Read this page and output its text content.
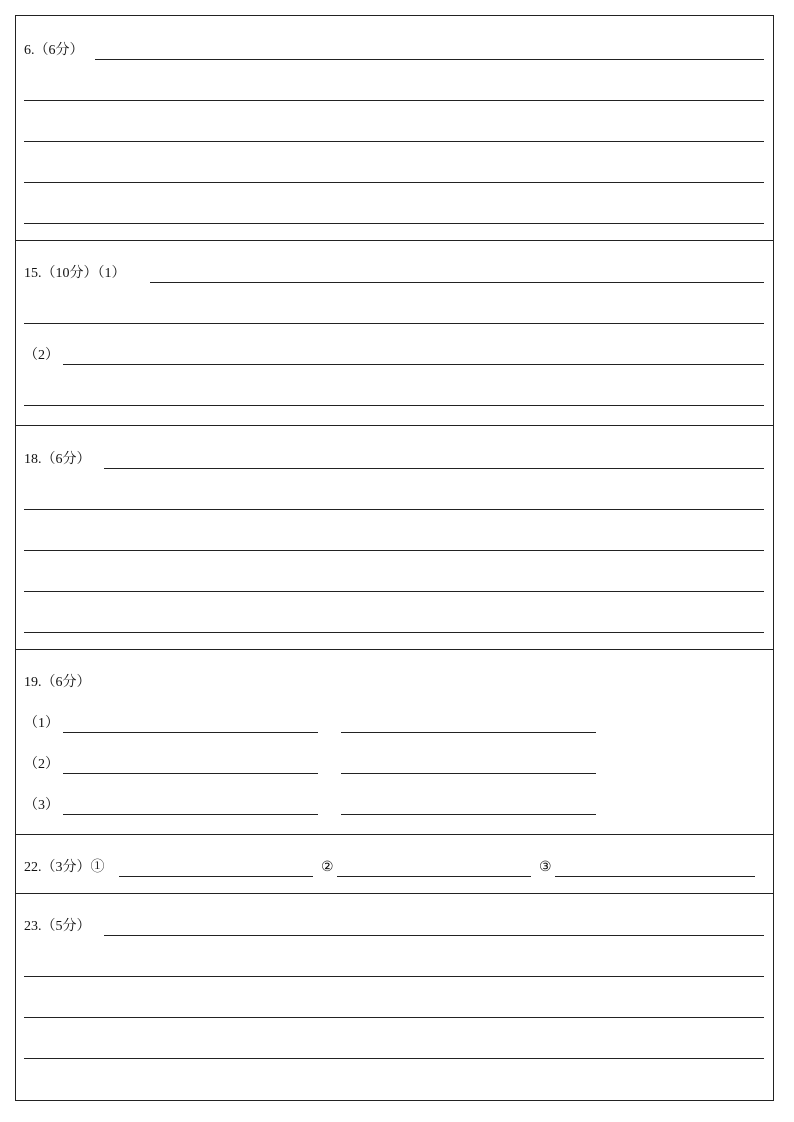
6.（6分）
15.（10分）（1）
（2）
18.（6分）
19.（6分）
（1）
（2）
（3）
22.（3分）①	②	③
23.（5分）
